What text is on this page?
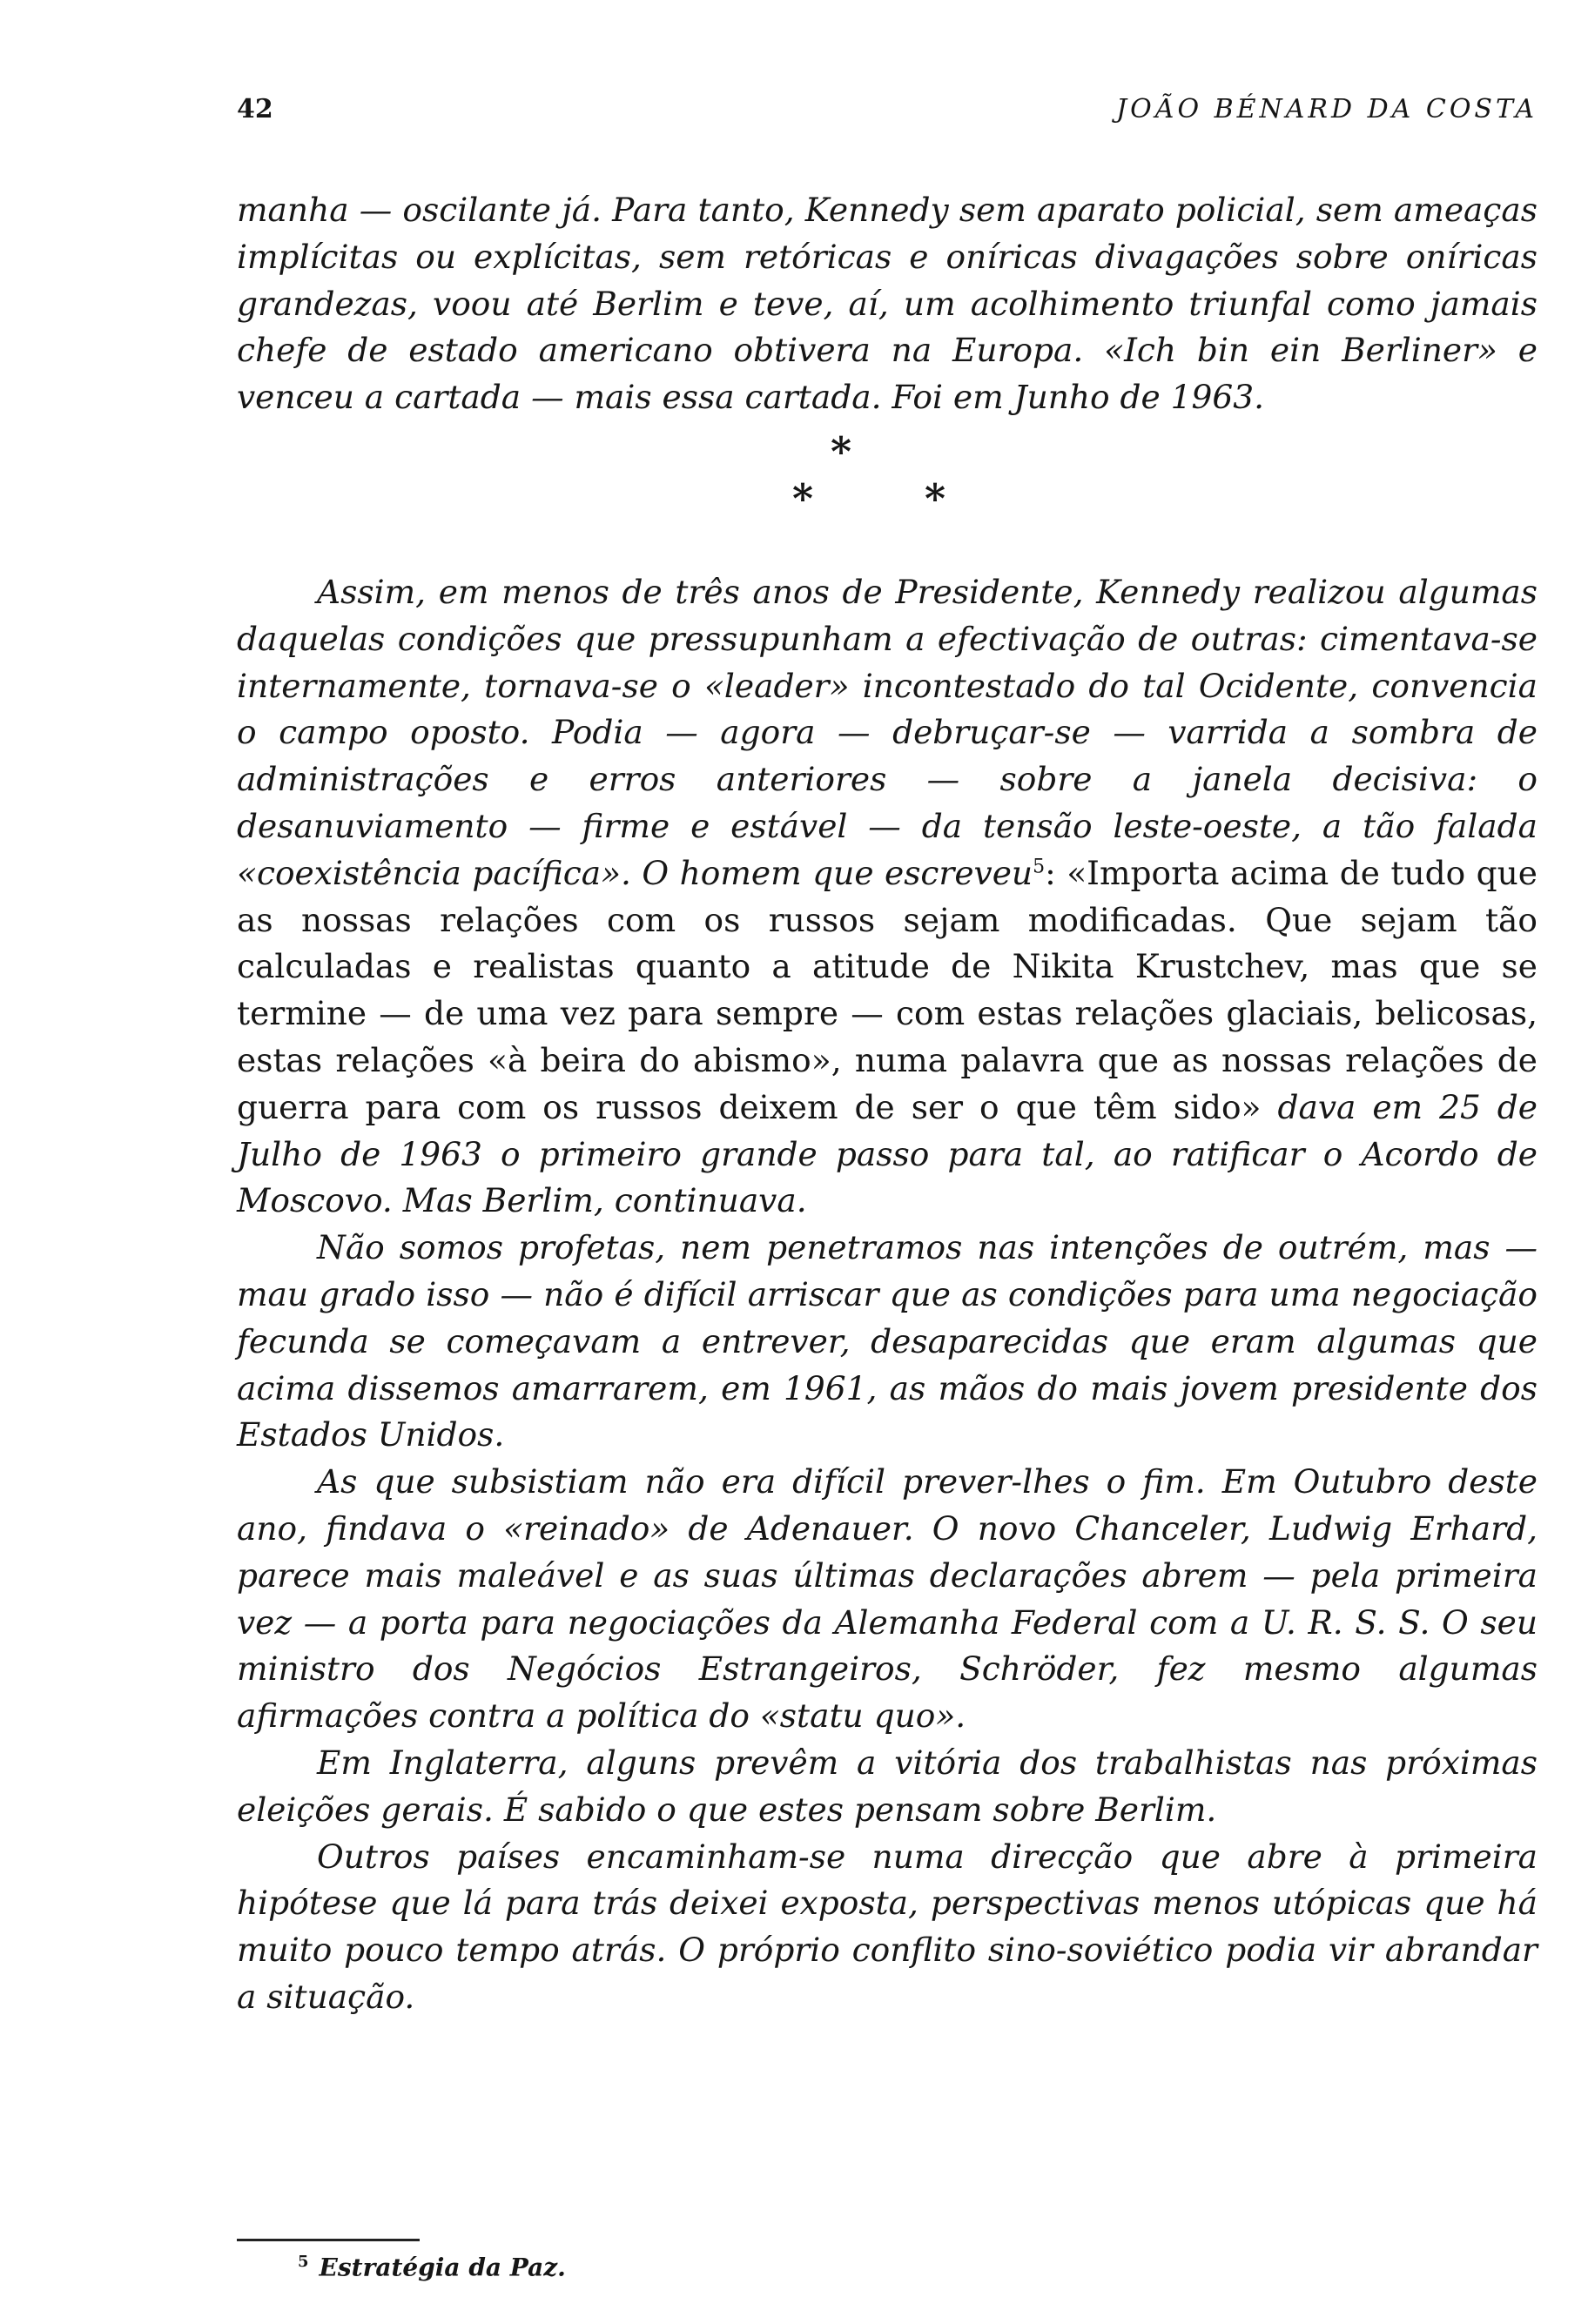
42	JOÃO BÉNARD DA COSTA

manha — oscilante já. Para tanto, Kennedy sem aparato policial, sem ameaças implícitas ou explícitas, sem retóricas e oníricas divagações sobre oníricas grandezas, voou até Berlim e teve, aí, um acolhimento triunfal como jamais chefe de estado americano obtivera na Europa. «Ich bin ein Berliner» e venceu a cartada — mais essa cartada. Foi em Junho de 1963.

*
*	*

Assim, em menos de três anos de Presidente, Kennedy realizou algumas daquelas condições que pressupunham a efectivação de outras: cimentava-se internamente, tornava-se o «leader» incontestado do tal Ocidente, convencia o campo oposto. Podia — agora — debruçar-se — varrida a sombra de administrações e erros anteriores — sobre a janela decisiva: o desanuviamento — firme e estável — da tensão leste-oeste, a tão falada «coexistência pacífica». O homem que escreveu$^5$: «Importa acima de tudo que as nossas relações com os russos sejam modificadas. Que sejam tão calculadas e realistas quanto a atitude de Nikita Krustchev, mas que se termine — de uma vez para sempre — com estas relações glaciais, belicosas, estas relações «à beira do abismo», numa palavra que as nossas relações de guerra para com os russos deixem de ser o que têm sido» dava em 25 de Julho de 1963 o primeiro grande passo para tal, ao ratificar o Acordo de Moscovo. Mas Berlim, continuava.

Não somos profetas, nem penetramos nas intenções de outrém, mas — mau grado isso — não é difícil arriscar que as condições para uma negociação fecunda se começavam a entrever, desaparecidas que eram algumas que acima dissemos amarrarem, em 1961, as mãos do mais jovem presidente dos Estados Unidos.

As que subsistiam não era difícil prever-lhes o fim. Em Outubro deste ano, findava o «reinado» de Adenauer. O novo Chanceler, Ludwig Erhard, parece mais maleável e as suas últimas declarações abrem — pela primeira vez — a porta para negociações da Alemanha Federal com a U. R. S. S. O seu ministro dos Negócios Estrangeiros, Schröder, fez mesmo algumas afirmações contra a política do «statu quo».

Em Inglaterra, alguns prevêm a vitória dos trabalhistas nas próximas eleições gerais. É sabido o que estes pensam sobre Berlim.

Outros países encaminham-se numa direcção que abre à primeira hipótese que lá para trás deixei exposta, perspectivas menos utópicas que há muito pouco tempo atrás. O próprio conflito sino-soviético podia vir abrandar a situação.

$^5$ Estratégia da Paz.
